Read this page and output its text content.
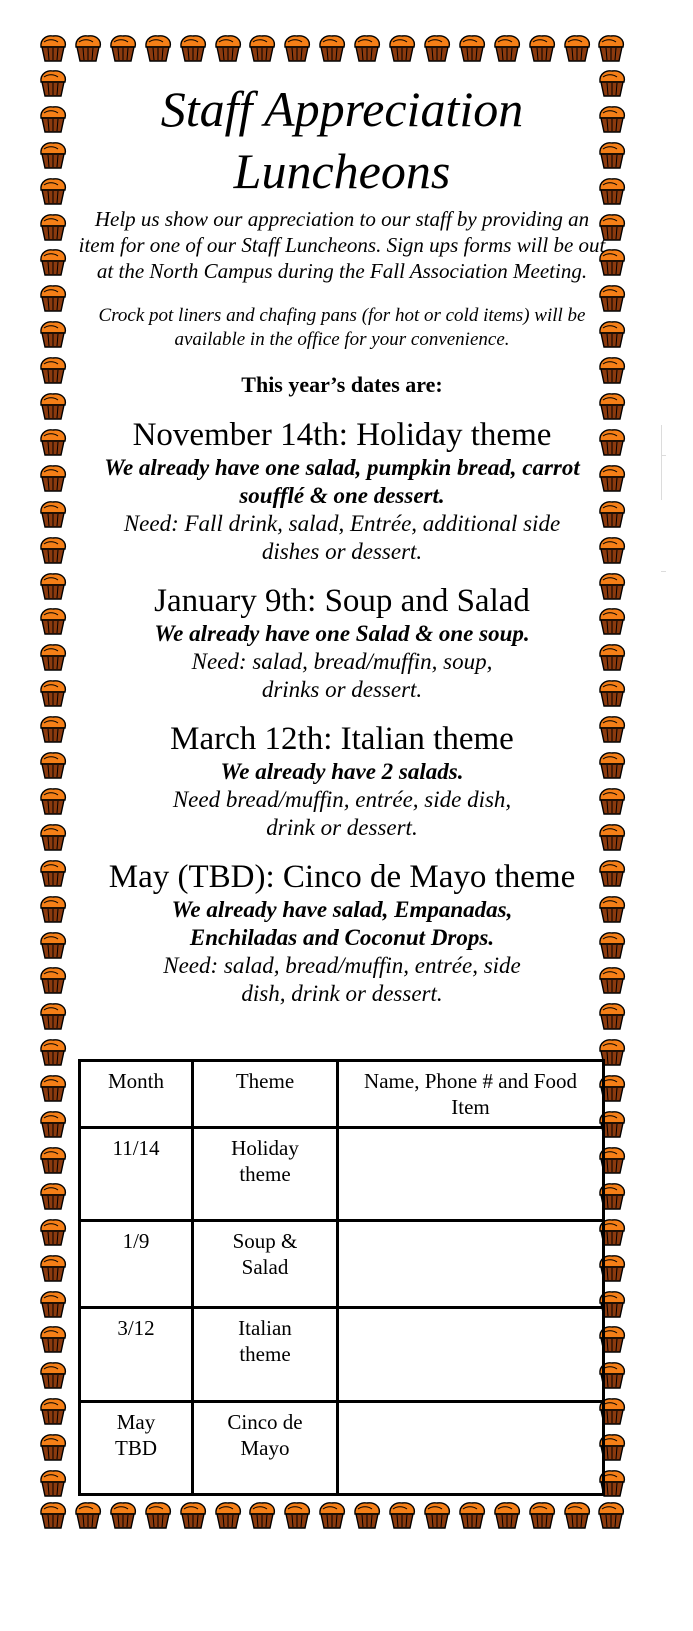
Staff Appreciation
Luncheons

Help us show our appreciation to our staff by providing an item for one of our Staff Luncheons. Sign ups forms will be out at the North Campus during the Fall Association Meeting.

Crock pot liners and chafing pans (for hot or cold items) will be available in the office for your convenience.

This year’s dates are:

November 14th: Holiday theme
We already have one salad, pumpkin bread, carrot soufflé & one dessert.
Need: Fall drink, salad, Entrée, additional side dishes or dessert.
January 9th: Soup and Salad
We already have one Salad & one soup.
Need: salad, bread/muffin, soup, drinks or dessert.
March 12th: Italian theme
We already have 2 salads.
Need bread/muffin, entrée, side dish, drink or dessert.
May (TBD): Cinco de Mayo theme
We already have salad, Empanadas, Enchiladas and Coconut Drops.
Need: salad, bread/muffin, entrée, side dish, drink or dessert.
Month	Theme	Name, Phone # and Food Item
11/14	Holiday theme	
1/9	Soup & Salad	
3/12	Italian theme	
May TBD	Cinco de Mayo	
